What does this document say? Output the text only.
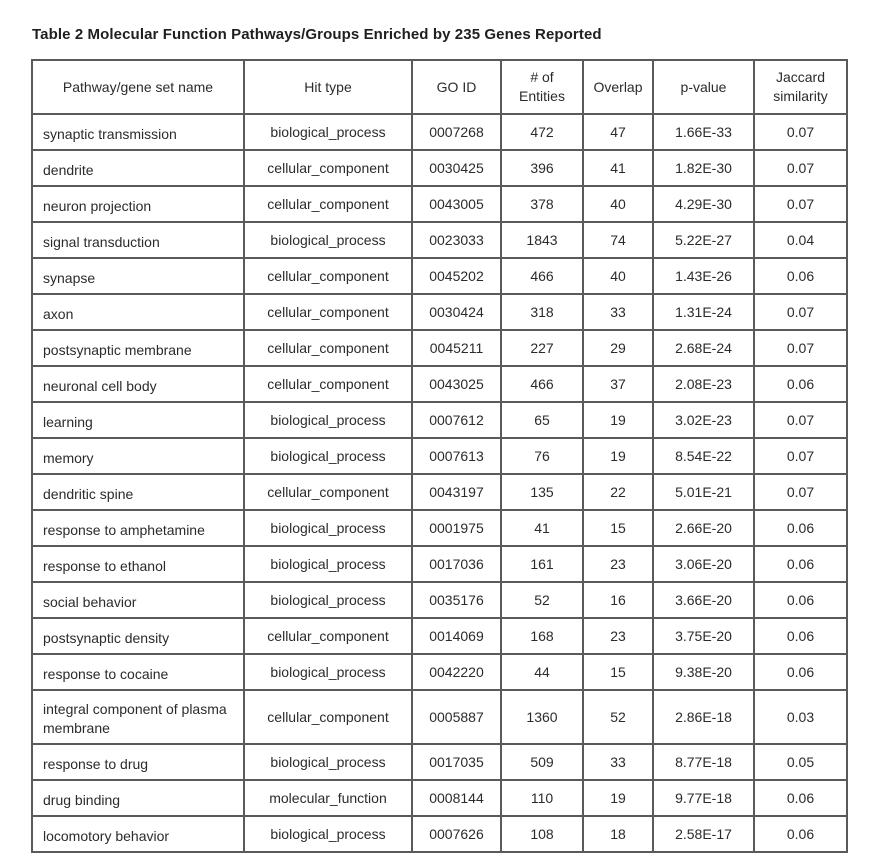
Table 2 Molecular Function Pathways/Groups Enriched by 235 Genes Reported

Pathway/gene set name	Hit type	GO ID	# of Entities	Overlap	p-value	Jaccard similarity
synaptic transmission	biological_process	0007268	472	47	1.66E-33	0.07
dendrite	cellular_component	0030425	396	41	1.82E-30	0.07
neuron projection	cellular_component	0043005	378	40	4.29E-30	0.07
signal transduction	biological_process	0023033	1843	74	5.22E-27	0.04
synapse	cellular_component	0045202	466	40	1.43E-26	0.06
axon	cellular_component	0030424	318	33	1.31E-24	0.07
postsynaptic membrane	cellular_component	0045211	227	29	2.68E-24	0.07
neuronal cell body	cellular_component	0043025	466	37	2.08E-23	0.06
learning	biological_process	0007612	65	19	3.02E-23	0.07
memory	biological_process	0007613	76	19	8.54E-22	0.07
dendritic spine	cellular_component	0043197	135	22	5.01E-21	0.07
response to amphetamine	biological_process	0001975	41	15	2.66E-20	0.06
response to ethanol	biological_process	0017036	161	23	3.06E-20	0.06
social behavior	biological_process	0035176	52	16	3.66E-20	0.06
postsynaptic density	cellular_component	0014069	168	23	3.75E-20	0.06
response to cocaine	biological_process	0042220	44	15	9.38E-20	0.06
integral component of plasma membrane	cellular_component	0005887	1360	52	2.86E-18	0.03
response to drug	biological_process	0017035	509	33	8.77E-18	0.05
drug binding	molecular_function	0008144	110	19	9.77E-18	0.06
locomotory behavior	biological_process	0007626	108	18	2.58E-17	0.06
